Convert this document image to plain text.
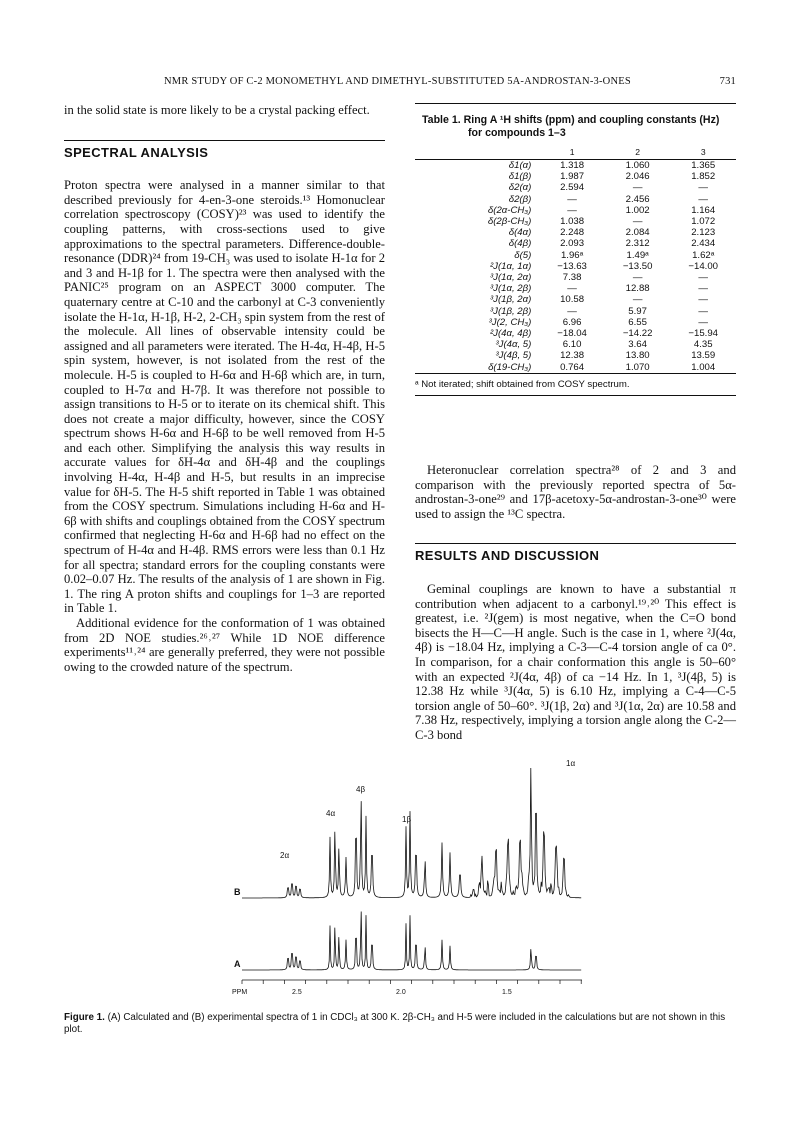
NMR STUDY OF C-2 MONOMETHYL AND DIMETHYL-SUBSTITUTED 5Α-ANDROSTAN-3-ONES	731

in the solid state is more likely to be a crystal packing effect.

SPECTRAL ANALYSIS

Proton spectra were analysed in a manner similar to that described previously for 4-en-3-one steroids.¹³ Homonuclear correlation spectroscopy (COSY)²³ was used to identify the coupling patterns, with cross-sections used to give approximations to the spectral parameters. Difference-double-resonance (DDR)²⁴ from 19-CH₃ was used to isolate H-1α for 2 and 3 and H-1β for 1. The spectra were then analysed with the PANIC²⁵ program on an ASPECT 3000 computer. The quaternary centre at C-10 and the carbonyl at C-3 conveniently isolate the H-1α, H-1β, H-2, 2-CH₃ spin system from the rest of the molecule. All lines of observable intensity could be assigned and all parameters were iterated. The H-4α, H-4β, H-5 spin system, however, is not isolated from the rest of the molecule. H-5 is coupled to H-6α and H-6β which are, in turn, coupled to H-7α and H-7β. It was therefore not possible to assign transitions to H-5 or to iterate on its chemical shift. This does not create a major difficulty, however, since the COSY spectrum shows H-6α and H-6β to be well removed from H-5 and each other. Simplifying the analysis this way results in accurate values for δH-4α and δH-4β and the couplings involving H-4α, H-4β and H-5, but results in an imprecise value for δH-5. The H-5 shift reported in Table 1 was obtained from the COSY spectrum. Simulations including H-6α and H-6β with shifts and couplings obtained from the COSY spectrum confirmed that neglecting H-6α and H-6β had no effect on the spectrum of H-4α and H-4β. RMS errors were less than 0.1 Hz for all spectra; standard errors for the coupling constants were 0.02–0.07 Hz. The results of the analysis of 1 are shown in Fig. 1. The ring A proton shifts and couplings for 1–3 are reported in Table 1.

Additional evidence for the conformation of 1 was obtained from 2D NOE studies.²⁶˒²⁷ While 1D NOE difference experiments¹¹˒²⁴ are generally preferred, they were not possible owing to the crowded nature of the spectrum.

Table 1. Ring A ¹H shifts (ppm) and coupling constants (Hz)
for compounds 1–3
	1	2	3
δ1(α)	1.318	1.060	1.365
δ1(β)	1.987	2.046	1.852
δ2(α)	2.594	—	—
δ2(β)	—	2.456	—
δ(2α-CH₃)	—	1.002	1.164
δ(2β-CH₃)	1.038	—	1.072
δ(4α)	2.248	2.084	2.123
δ(4β)	2.093	2.312	2.434
δ(5)	1.96ᵃ	1.49ᵃ	1.62ᵃ
²J(1α, 1α)	−13.63	−13.50	−14.00
³J(1α, 2α)	7.38	—	—
³J(1α, 2β)	—	12.88	—
³J(1β, 2α)	10.58	—	—
³J(1β, 2β)	—	5.97	—
³J(2, CH₃)	6.96	6.55	—
²J(4α, 4β)	−18.04	−14.22	−15.94
³J(4α, 5)	6.10	3.64	4.35
³J(4β, 5)	12.38	13.80	13.59
δ(19-CH₃)	0.764	1.070	1.004
ᵃ Not iterated; shift obtained from COSY spectrum.

Heteronuclear correlation spectra²⁸ of 2 and 3 and comparison with the previously reported spectra of 5α-androstan-3-one²⁹ and 17β-acetoxy-5α-androstan-3-one³⁰ were used to assign the ¹³C spectra.

RESULTS AND DISCUSSION

Geminal couplings are known to have a substantial π contribution when adjacent to a carbonyl.¹⁹˒²⁰ This effect is greatest, i.e. ²J(gem) is most negative, when the C=O bond bisects the H—C—H angle. Such is the case in 1, where ²J(4α, 4β) is −18.04 Hz, implying a C-3—C-4 torsion angle of ca 0°. In comparison, for a chair conformation this angle is 50–60° with an expected ²J(4α, 4β) of ca −14 Hz. In 1, ³J(4β, 5) is 12.38 Hz while ³J(4α, 5) is 6.10 Hz, implying a C-4—C-5 torsion angle of 50–60°. ³J(1β, 2α) and ³J(1α, 2α) are 10.58 and 7.38 Hz, respectively, implying a torsion angle along the C-2—C-3 bond

1α
4β
4α
1β
2α
B
A
PPM	2.5	2.0	1.5
Figure 1. (A) Calculated and (B) experimental spectra of 1 in CDCl₃ at 300 K. 2β-CH₃ and H-5 were included in the calculations but are not shown in this plot.
